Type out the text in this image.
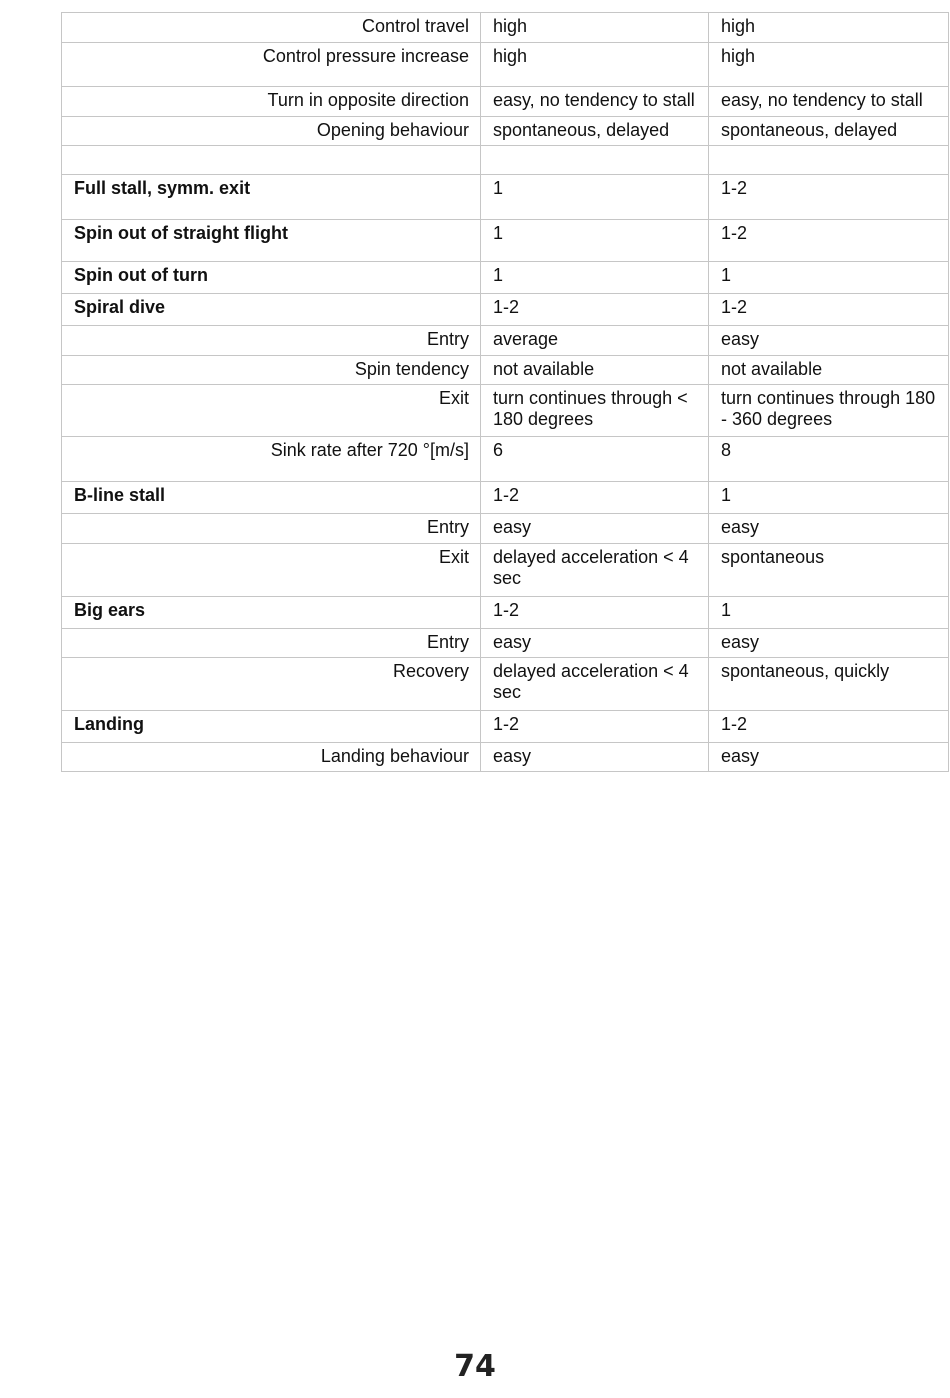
Control travel	high	high
Control pressure increase	high	high
Turn in opposite direction	easy, no tendency to stall	easy, no tendency to stall
Opening behaviour	spontaneous, delayed	spontaneous, delayed

Full stall, symm. exit	1	1-2
Spin out of straight flight	1	1-2
Spin out of turn	1	1
Spiral dive	1-2	1-2
Entry	average	easy
Spin tendency	not available	not available
Exit	turn continues through < 180 degrees	turn continues through 180 - 360 degrees
Sink rate after 720 °[m/s]	6	8
B-line stall	1-2	1
Entry	easy	easy
Exit	delayed acceleration < 4 sec	spontaneous
Big ears	1-2	1
Entry	easy	easy
Recovery	delayed acceleration < 4 sec	spontaneous, quickly
Landing	1-2	1-2
Landing behaviour	easy	easy
74
